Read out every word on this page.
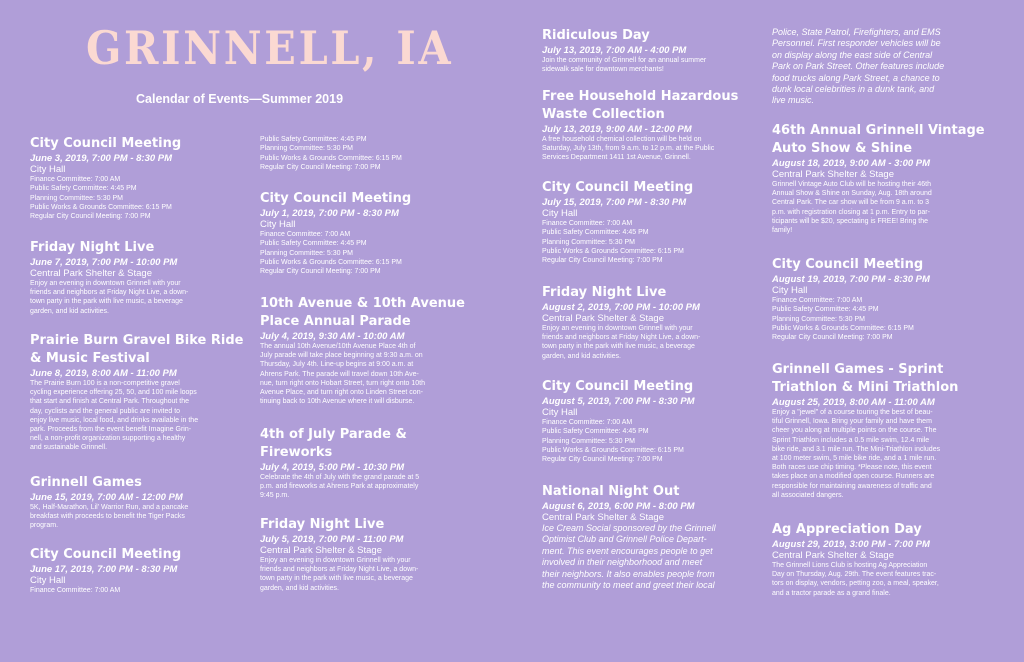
GRINNELL, IA
Calendar of Events—Summer 2019
City Council Meeting
June 3, 2019, 7:00 PM - 8:30 PM
City Hall
Finance Committee: 7:00 AM
Public Safety Committee: 4:45 PM
Planning Committee: 5:30 PM
Public Works & Grounds Committee: 6:15 PM
Regular City Council Meeting: 7:00 PM
Friday Night Live
June 7, 2019, 7:00 PM - 10:00 PM
Central Park Shelter & Stage
Enjoy an evening in downtown Grinnell with your
friends and neighbors at Friday Night Live, a down-
town party in the park with live music, a beverage
garden, and kid activities.
Prairie Burn Gravel Bike Ride
& Music Festival
June 8, 2019, 8:00 AM - 11:00 PM
The Prairie Burn 100 is a non-competitive gravel
cycling experience offering 25, 50, and 100 mile loops
that start and finish at Central Park. Throughout the
day, cyclists and the general public are invited to
enjoy live music, local food, and drinks available in the
park. Proceeds from the event benefit Imagine Grin-
nell, a non-profit organization supporting a healthy
and sustainable Grinnell.
Grinnell Games
June 15, 2019, 7:00 AM - 12:00 PM
5K, Half-Marathon, Lil' Warrior Run, and a pancake
breakfast with proceeds to benefit the Tiger Packs
program.
City Council Meeting
June 17, 2019, 7:00 PM - 8:30 PM
City Hall
Finance Committee: 7:00 AM
Public Safety Committee: 4:45 PM
Planning Committee: 5:30 PM
Public Works & Grounds Committee: 6:15 PM
Regular City Council Meeting: 7:00 PM
City Council Meeting
July 1, 2019, 7:00 PM - 8:30 PM
City Hall
Finance Committee: 7:00 AM
Public Safety Committee: 4:45 PM
Planning Committee: 5:30 PM
Public Works & Grounds Committee: 6:15 PM
Regular City Council Meeting: 7:00 PM
10th Avenue & 10th Avenue
Place Annual Parade
July 4, 2019, 9:30 AM - 10:00 AM
The annual 10th Avenue/10th Avenue Place 4th of
July parade will take place beginning at 9:30 a.m. on
Thursday, July 4th. Line-up begins at 9:00 a.m. at
Ahrens Park. The parade will travel down 10th Ave-
nue, turn right onto Hobart Street, turn right onto 10th
Avenue Place, and turn right onto Linden Street con-
tinuing back to 10th Avenue where it will disburse.
4th of July Parade &
Fireworks
July 4, 2019, 5:00 PM - 10:30 PM
Celebrate the 4th of July with the grand parade at 5
p.m. and fireworks at Ahrens Park at approximately
9:45 p.m.
Friday Night Live
July 5, 2019, 7:00 PM - 11:00 PM
Central Park Shelter & Stage
Enjoy an evening in downtown Grinnell with your
friends and neighbors at Friday Night Live, a down-
town party in the park with live music, a beverage
garden, and kid activities.
Ridiculous Day
July 13, 2019, 7:00 AM - 4:00 PM
Join the community of Grinnell for an annual summer
sidewalk sale for downtown merchants!
Free Household Hazardous
Waste Collection
July 13, 2019, 9:00 AM - 12:00 PM
A free household chemical collection will be held on
Saturday, July 13th, from 9 a.m. to 12 p.m. at the Public
Services Department 1411 1st Avenue, Grinnell.
City Council Meeting
July 15, 2019, 7:00 PM - 8:30 PM
City Hall
Finance Committee: 7:00 AM
Public Safety Committee: 4:45 PM
Planning Committee: 5:30 PM
Public Works & Grounds Committee: 6:15 PM
Regular City Council Meeting: 7:00 PM
Friday Night Live
August 2, 2019, 7:00 PM - 10:00 PM
Central Park Shelter & Stage
Enjoy an evening in downtown Grinnell with your
friends and neighbors at Friday Night Live, a down-
town party in the park with live music, a beverage
garden, and kid activities.
City Council Meeting
August 5, 2019, 7:00 PM - 8:30 PM
City Hall
Finance Committee: 7:00 AM
Public Safety Committee: 4:45 PM
Planning Committee: 5:30 PM
Public Works & Grounds Committee: 6:15 PM
Regular City Council Meeting: 7:00 PM
National Night Out
August 6, 2019, 6:00 PM - 8:00 PM
Central Park Shelter & Stage
Ice Cream Social sponsored by the Grinnell
Optimist Club and Grinnell Police Depart-
ment. This event encourages people to get
involved in their neighborhood and meet
their neighbors. It also enables people from
the community to meet and greet their local
Police, State Patrol, Firefighters, and EMS
Personnel. First responder vehicles will be
on display along the east side of Central
Park on Park Street. Other features include
food trucks along Park Street, a chance to
dunk local celebrities in a dunk tank, and
live music.
46th Annual Grinnell Vintage
Auto Show & Shine
August 18, 2019, 9:00 AM - 3:00 PM
Central Park Shelter & Stage
Grinnell Vintage Auto Club will be hosting their 46th
Annual Show & Shine on Sunday, Aug. 18th around
Central Park. The car show will be from 9 a.m. to 3
p.m. with registration closing at 1 p.m. Entry to par-
ticipants will be $20, spectating is FREE! Bring the
family!
City Council Meeting
August 19, 2019, 7:00 PM - 8:30 PM
City Hall
Finance Committee: 7:00 AM
Public Safety Committee: 4:45 PM
Planning Committee: 5:30 PM
Public Works & Grounds Committee: 6:15 PM
Regular City Council Meeting: 7:00 PM
Grinnell Games - Sprint
Triathlon & Mini Triathlon
August 25, 2019, 8:00 AM - 11:00 AM
Enjoy a "jewel" of a course touring the best of beau-
tiful Grinnell, Iowa. Bring your family and have them
cheer you along at multiple points on the course. The
Sprint Triathlon includes a 0.5 mile swim, 12.4 mile
bike ride, and 3.1 mile run. The Mini-Triathlon includes
at 100 meter swim, 5 mile bike ride, and a 1 mile run.
Both races use chip timing. *Please note, this event
takes place on a modified open course. Runners are
responsible for maintaining awareness of traffic and
all associated dangers.
Ag Appreciation Day
August 29, 2019, 3:00 PM - 7:00 PM
Central Park Shelter & Stage
The Grinnell Lions Club is hosting Ag Appreciation
Day on Thursday, Aug. 29th. The event features trac-
tors on display, vendors, petting zoo, a meal, speaker,
and a tractor parade as a grand finale.
